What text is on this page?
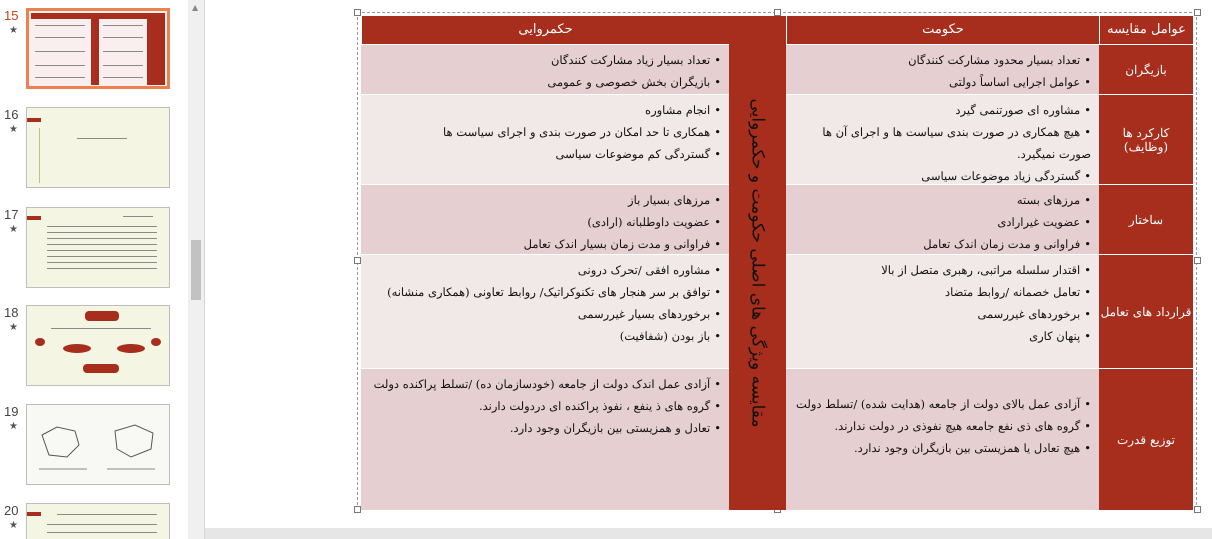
15
★
16
★
17
★
18
★
19
★
20
★
▲
عوامل مقایسه
حکومت
حکمروایی
مقایسه ویژگی های اصلی حکومت و حکمروایی
بازیگران
• تعداد بسیار محدود مشارکت کنندگان
• عوامل اجرایی اساساً دولتی
• تعداد بسیار زیاد مشارکت کنندگان
• بازیگران بخش خصوصی و عمومی
کارکرد ها (وظایف)
• مشاوره ای صورتنمی گیرد
• هیچ همکاری در صورت بندی سیاست ها و اجرای آن ها صورت نمیگیرد.
• گستردگی زیاد موضوعات سیاسی
• انجام مشاوره
• همکاری تا حد امکان در صورت بندی و اجرای سیاست ها
• گستردگی کم موضوعات سیاسی
ساختار
• مرزهای بسته
• عضویت غیرارادی
• فراوانی و مدت زمان اندک تعامل
• مرزهای بسیار باز
• عضویت داوطلبانه (ارادی)
• فراوانی و مدت زمان بسیار اندک تعامل
قرارداد های تعامل
• اقتدار سلسله مراتبی، رهبری متصل از بالا
• تعامل خصمانه /روابط متضاد
• برخوردهای غیررسمی
• پنهان کاری
• مشاوره افقی /تحرک درونی
• توافق بر سر هنجار های تکنوکراتیک/ روابط تعاونی (همکاری منشانه)
• برخوردهای بسیار غیررسمی
• باز بودن (شفافیت)
توزیع قدرت
• آزادی عمل بالای دولت از جامعه (هدایت شده) /تسلط دولت
• گروه های ذی نفع جامعه هیچ نفوذی در دولت ندارند.
• هیچ تعادل یا همزیستی بین بازیگران وجود ندارد.
• آزادی عمل اندک دولت از جامعه (خودسازمان ده) /تسلط پراکنده دولت
• گروه های ذ ینفع ، نفوذ پراکنده ای دردولت دارند.
• تعادل و همزیستی بین بازیگران وجود دارد.
